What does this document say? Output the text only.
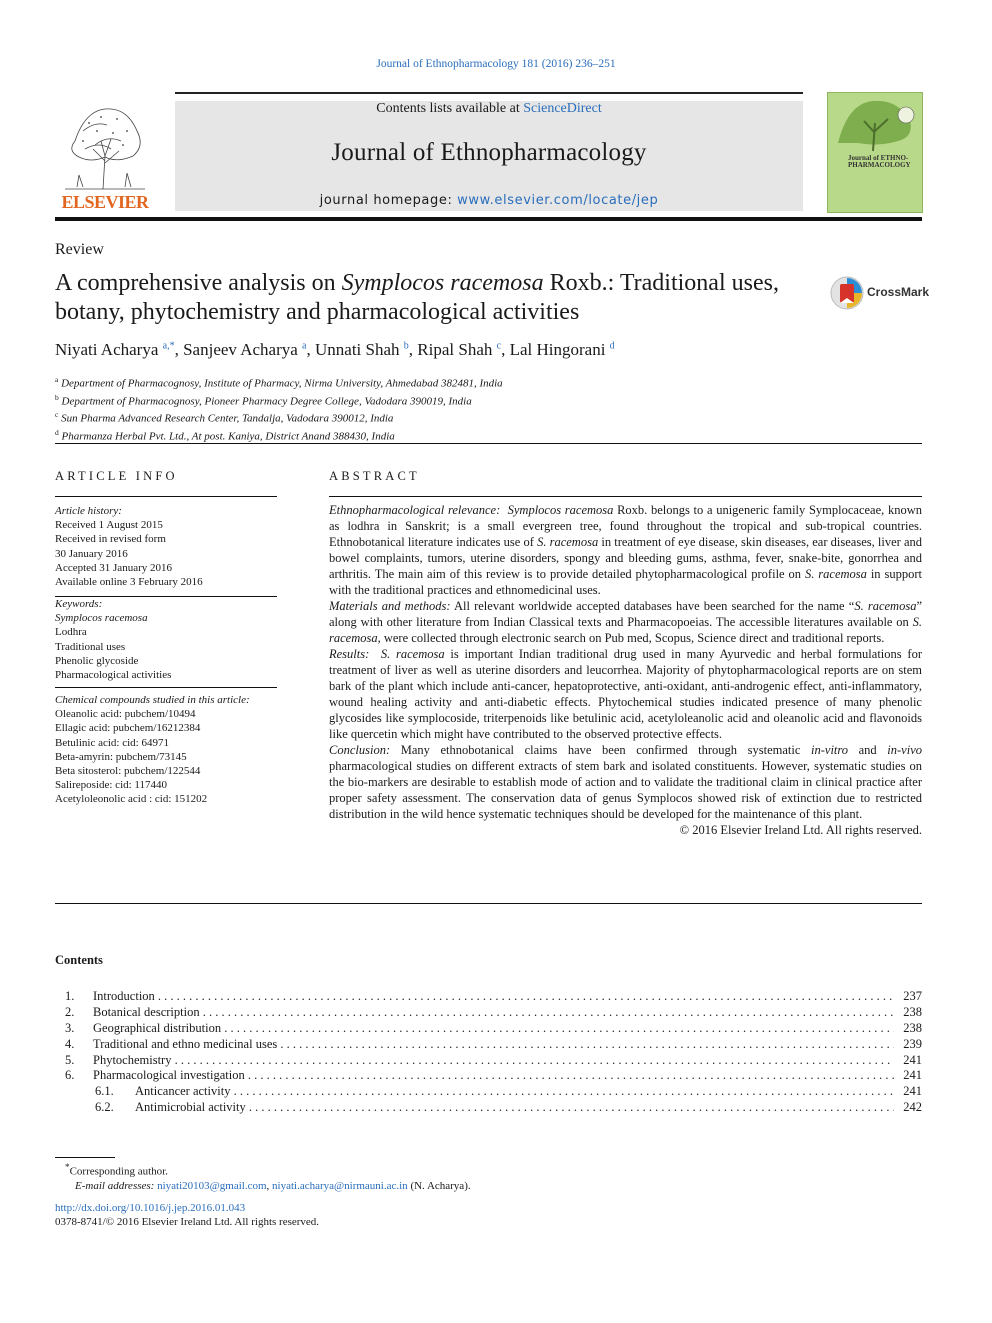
Journal of Ethnopharmacology 181 (2016) 236–251
ELSEVIER
Contents lists available at ScienceDirect
Journal of Ethnopharmacology
journal homepage: www.elsevier.com/locate/jep
Journal of ETHNO- PHARMACOLOGY
Review
A comprehensive analysis on Symplocos racemosa Roxb.: Traditional uses, botany, phytochemistry and pharmacological activities
CrossMark
Niyati Acharya $^{a,*}$, Sanjeev Acharya $^a$, Unnati Shah $^b$, Ripal Shah $^c$, Lal Hingorani $^d$
$^a$ Department of Pharmacognosy, Institute of Pharmacy, Nirma University, Ahmedabad 382481, India
$^b$ Department of Pharmacognosy, Pioneer Pharmacy Degree College, Vadodara 390019, India
$^c$ Sun Pharma Advanced Research Center, Tandalja, Vadodara 390012, India
$^d$ Pharmanza Herbal Pvt. Ltd., At post. Kaniya, District Anand 388430, India
ARTICLE INFO
Article history:
Received 1 August 2015
Received in revised form
30 January 2016
Accepted 31 January 2016
Available online 3 February 2016
Keywords:
Symplocos racemosa
Lodhra
Traditional uses
Phenolic glycoside
Pharmacological activities
Chemical compounds studied in this article:
Oleanolic acid: pubchem/10494
Ellagic acid: pubchem/16212384
Betulinic acid: cid: 64971
Beta-amyrin: pubchem/73145
Beta sitosterol: pubchem/122544
Salireposide: cid: 117440
Acetyloleonolic acid : cid: 151202
ABSTRACT

Ethnopharmacological relevance: Symplocos racemosa Roxb. belongs to a unigeneric family Symplocaceae, known as lodhra in Sanskrit; is a small evergreen tree, found throughout the tropical and sub-tropical countries. Ethnobotanical literature indicates use of S. racemosa in treatment of eye disease, skin diseases, ear diseases, liver and bowel complaints, tumors, uterine disorders, spongy and bleeding gums, asthma, fever, snake-bite, gonorrhea and arthritis. The main aim of this review is to provide detailed phytopharmacological profile on S. racemosa in support with the traditional practices and ethnomedicinal uses.

Materials and methods: All relevant worldwide accepted databases have been searched for the name “S. racemosa” along with other literature from Indian Classical texts and Pharmacopoeias. The accessible literatures available on S. racemosa, were collected through electronic search on Pub med, Scopus, Science direct and traditional reports.

Results: S. racemosa is important Indian traditional drug used in many Ayurvedic and herbal formulations for treatment of liver as well as uterine disorders and leucorrhea. Majority of phytopharmacological reports are on stem bark of the plant which include anti-cancer, hepatoprotective, anti-oxidant, anti-androgenic effect, anti-inflammatory, wound healing activity and anti-diabetic effects. Phytochemical studies indicated presence of many phenolic glycosides like symplocoside, triterpenoids like betulinic acid, acetyloleanolic acid and oleanolic acid and flavonoids like quercetin which might have contributed to the observed protective effects.

Conclusion: Many ethnobotanical claims have been confirmed through systematic in-vitro and in-vivo pharmacological studies on different extracts of stem bark and isolated constituents. However, systematic studies on the bio-markers are desirable to establish mode of action and to validate the traditional claim in clinical practice after proper safety assessment. The conservation data of genus Symplocos showed risk of extinction due to restricted distribution in the wild hence systematic techniques should be developed for the maintenance of this plant.

© 2016 Elsevier Ireland Ltd. All rights reserved.

Contents
1. Introduction . . .	237
2. Botanical description . . .	238
3. Geographical distribution . . .	238
4. Traditional and ethno medicinal uses . . .	239
5. Phytochemistry . . .	241
6. Pharmacological investigation . . .	241
6.1. Anticancer activity . . .	241
6.2. Antimicrobial activity . . .	242
*Corresponding author.
E-mail addresses: niyati20103@gmail.com, niyati.acharya@nirmauni.ac.in (N. Acharya).
http://dx.doi.org/10.1016/j.jep.2016.01.043
0378-8741/© 2016 Elsevier Ireland Ltd. All rights reserved.
